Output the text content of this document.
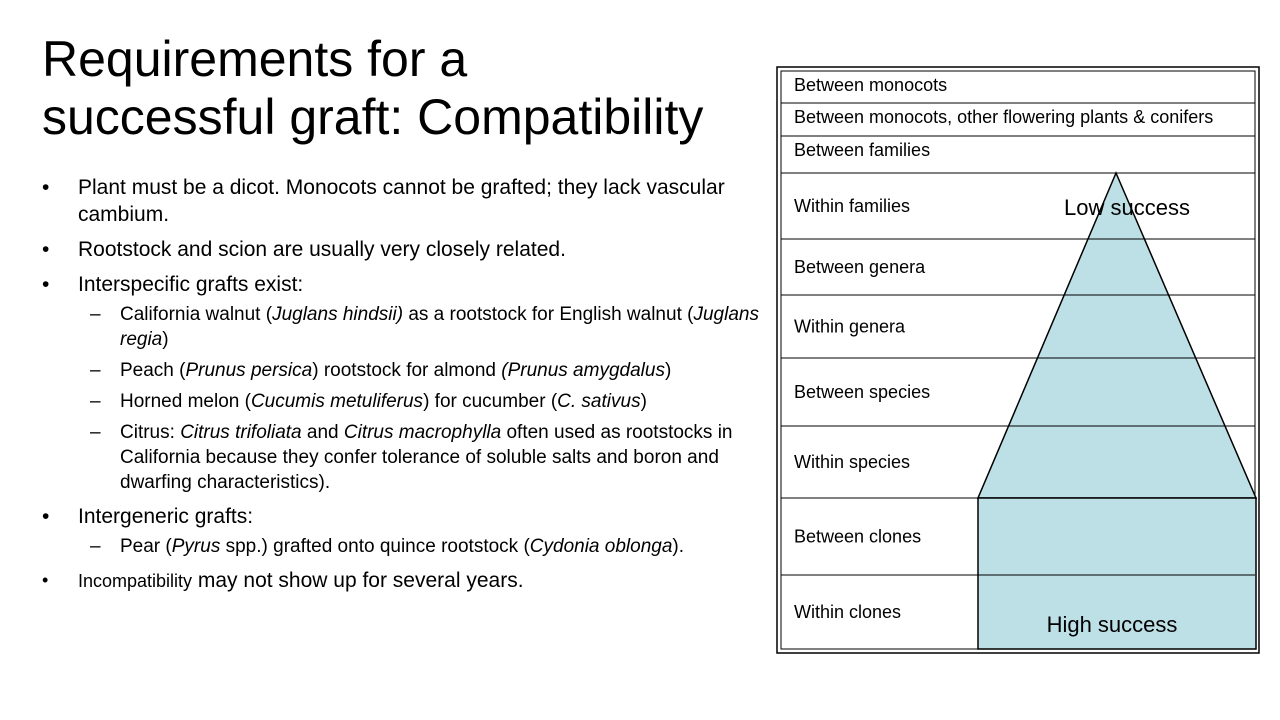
Requirements for a
successful graft: Compatibility
• Plant must be a dicot. Monocots cannot be grafted; they lack vascular cambium.
• Rootstock and scion are usually very closely related.
• Interspecific grafts exist:
– California walnut (Juglans hindsii) as a rootstock for English walnut (Juglans regia)
– Peach (Prunus persica) rootstock for almond (Prunus amygdalus)
– Horned melon (Cucumis metuliferus) for cucumber (C. sativus)
– Citrus: Citrus trifoliata and Citrus macrophylla often used as rootstocks in California because they confer tolerance of soluble salts and boron and dwarfing characteristics).
• Intergeneric grafts:
– Pear (Pyrus spp.) grafted onto quince rootstock (Cydonia oblonga).
• Incompatibility may not show up for several years.
Between monocots
Between monocots, other flowering plants & conifers
Between families
Within families
Between genera
Within genera
Between species
Within species
Between clones
Within clones
Low success
High success
